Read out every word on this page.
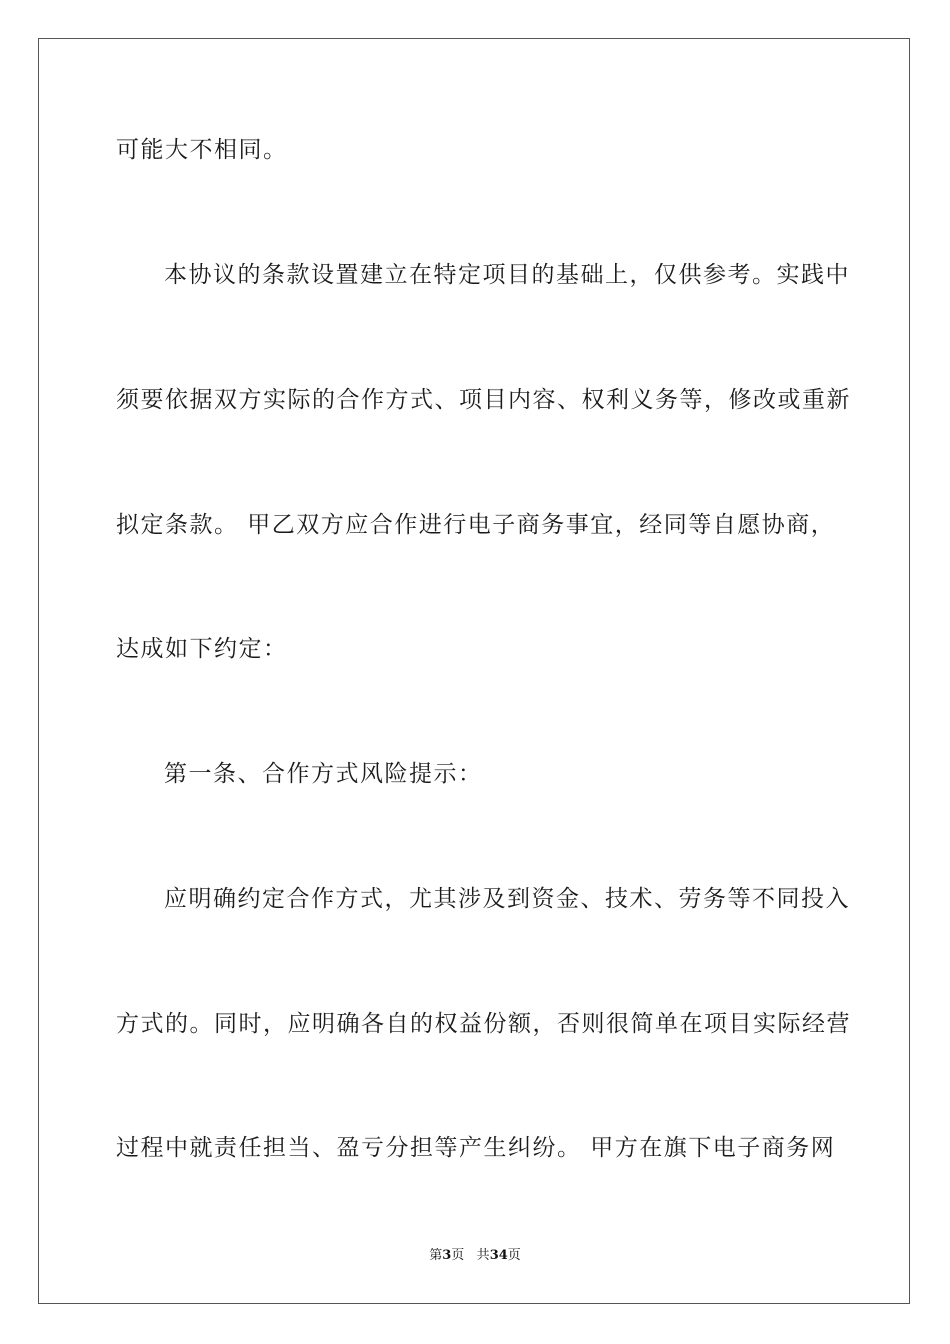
可能大不相同。
本协议的条款设置建立在特定项目的基础上，仅供参考。实践中
须要依据双方实际的合作方式、项目内容、权利义务等，修改或重新
拟定条款。 甲乙双方应合作进行电子商务事宜，经同等自愿协商，
达成如下约定：
第一条、合作方式风险提示：
应明确约定合作方式，尤其涉及到资金、技术、劳务等不同投入
方式的。同时，应明确各自的权益份额，否则很简单在项目实际经营
过程中就责任担当、盈亏分担等产生纠纷。 甲方在旗下电子商务网
第3页 共34页
